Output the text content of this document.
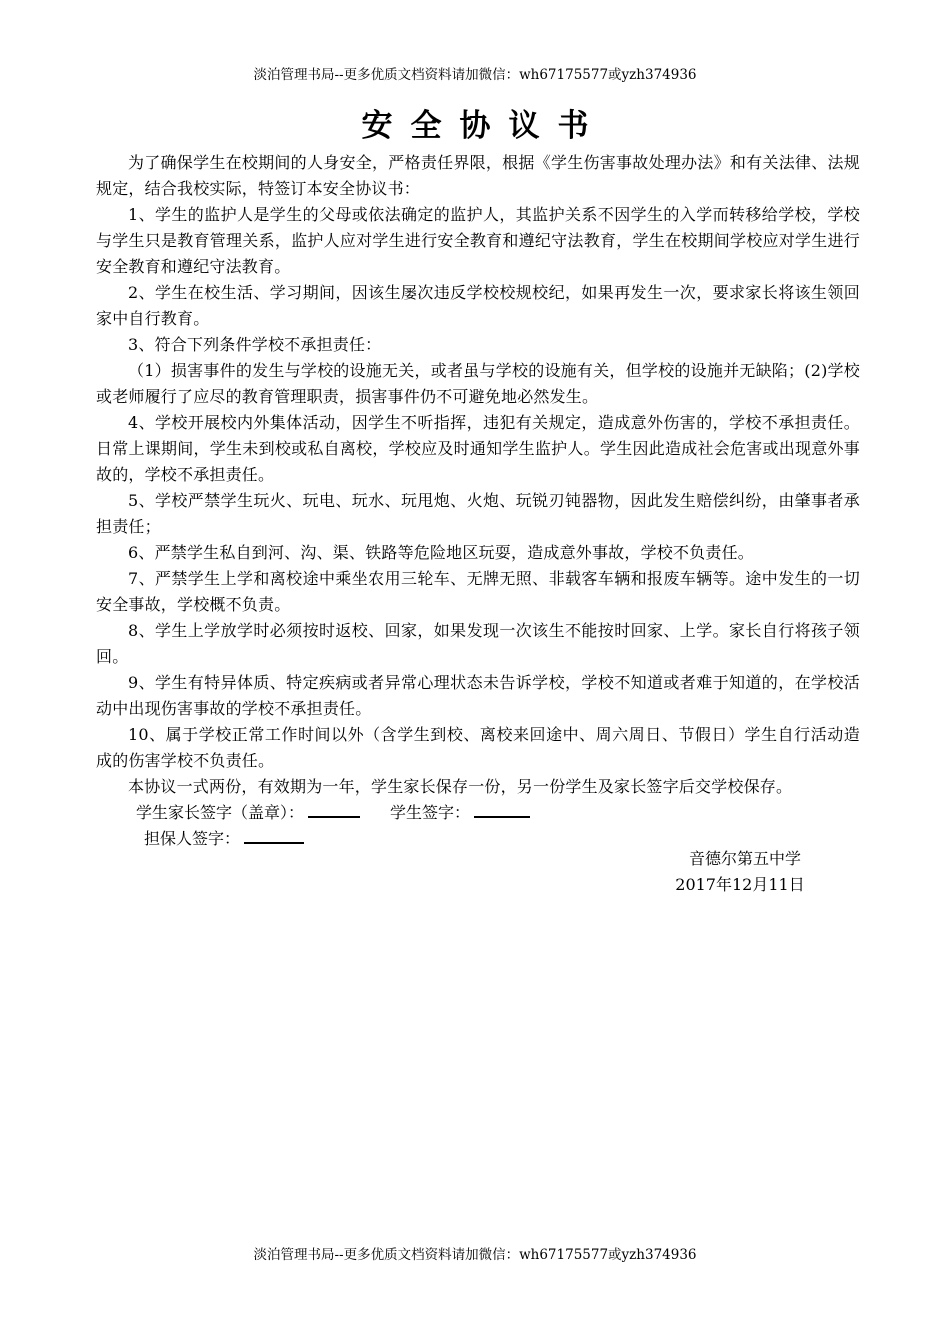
淡泊管理书局--更多优质文档资料请加微信：wh67175577或yzh374936
安全协议书

为了确保学生在校期间的人身安全，严格责任界限，根据《学生伤害事故处理办法》和有关法律、法规规定，结合我校实际，特签订本安全协议书：

1、学生的监护人是学生的父母或依法确定的监护人，其监护关系不因学生的入学而转移给学校，学校与学生只是教育管理关系，监护人应对学生进行安全教育和遵纪守法教育，学生在校期间学校应对学生进行安全教育和遵纪守法教育。

2、学生在校生活、学习期间，因该生屡次违反学校校规校纪，如果再发生一次，要求家长将该生领回家中自行教育。

3、符合下列条件学校不承担责任：

（1）损害事件的发生与学校的设施无关，或者虽与学校的设施有关，但学校的设施并无缺陷；(2)学校或老师履行了应尽的教育管理职责，损害事件仍不可避免地必然发生。

4、学校开展校内外集体活动，因学生不听指挥，违犯有关规定，造成意外伤害的，学校不承担责任。日常上课期间，学生未到校或私自离校，学校应及时通知学生监护人。学生因此造成社会危害或出现意外事故的，学校不承担责任。

5、学校严禁学生玩火、玩电、玩水、玩甩炮、火炮、玩锐刃钝器物，因此发生赔偿纠纷，由肇事者承担责任；

6、严禁学生私自到河、沟、渠、铁路等危险地区玩耍，造成意外事故，学校不负责任。

7、严禁学生上学和离校途中乘坐农用三轮车、无牌无照、非载客车辆和报废车辆等。途中发生的一切安全事故，学校概不负责。

8、学生上学放学时必须按时返校、回家，如果发现一次该生不能按时回家、上学。家长自行将孩子领回。

9、学生有特异体质、特定疾病或者异常心理状态未告诉学校，学校不知道或者难于知道的，在学校活动中出现伤害事故的学校不承担责任。

10、属于学校正常工作时间以外（含学生到校、离校来回途中、周六周日、节假日）学生自行活动造成的伤害学校不负责任。

本协议一式两份，有效期为一年，学生家长保存一份，另一份学生及家长签字后交学校保存。

学生家长签字（盖章）：	学生签字：
担保人签字：
音德尔第五中学
2017年12月11日
淡泊管理书局--更多优质文档资料请加微信：wh67175577或yzh374936
